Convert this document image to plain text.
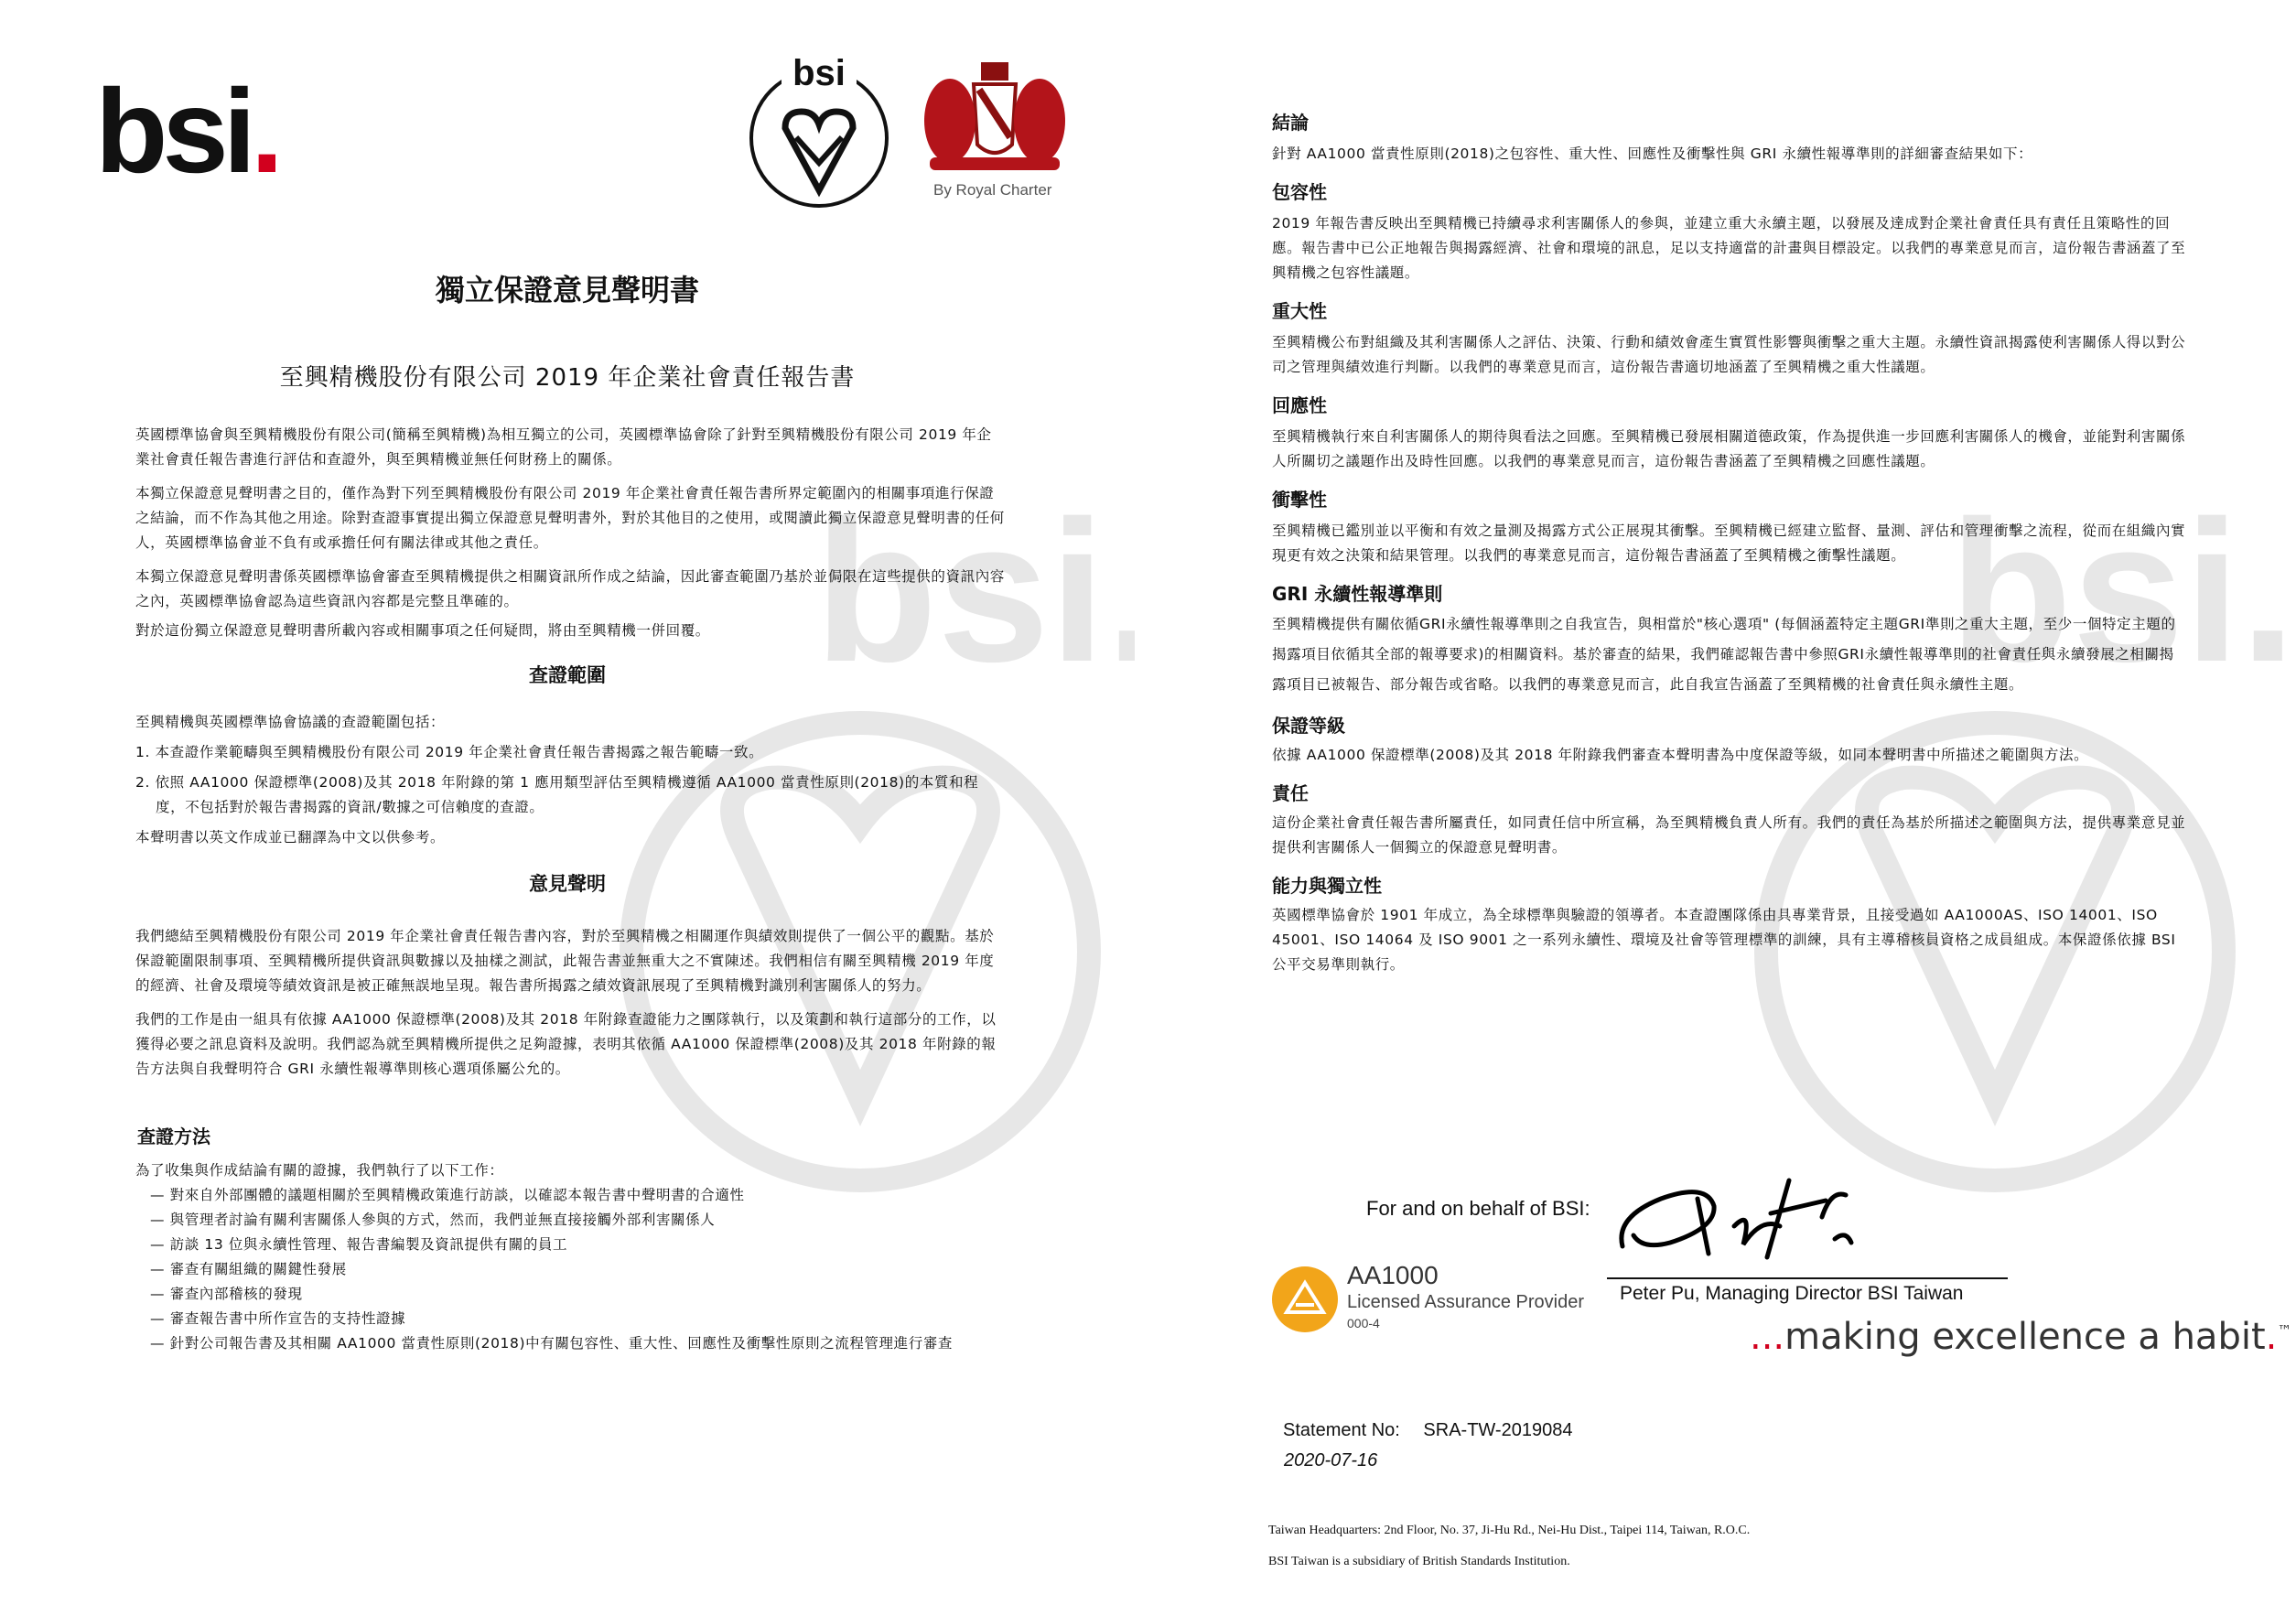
bsi.
bsi.	bsi
By Royal Charter
獨立保證意見聲明書
至興精機股份有限公司 2019 年企業社會責任報告書

英國標準協會與至興精機股份有限公司(簡稱至興精機)為相互獨立的公司，英國標準協會除了針對至興精機股份有限公司 2019 年企業社會責任報告書進行評估和查證外，與至興精機並無任何財務上的關係。

本獨立保證意見聲明書之目的，僅作為對下列至興精機股份有限公司 2019 年企業社會責任報告書所界定範圍內的相關事項進行保證之結論，而不作為其他之用途。除對查證事實提出獨立保證意見聲明書外，對於其他目的之使用，或閱讀此獨立保證意見聲明書的任何人，英國標準協會並不負有或承擔任何有關法律或其他之責任。

本獨立保證意見聲明書係英國標準協會審查至興精機提供之相關資訊所作成之結論，因此審查範圍乃基於並侷限在這些提供的資訊內容之內，英國標準協會認為這些資訊內容都是完整且準確的。

對於這份獨立保證意見聲明書所載內容或相關事項之任何疑問，將由至興精機一併回覆。

查證範圍

至興精機與英國標準協會協議的查證範圍包括：

1. 本查證作業範疇與至興精機股份有限公司 2019 年企業社會責任報告書揭露之報告範疇一致。
2. 依照 AA1000 保證標準(2008)及其 2018 年附錄的第 1 應用類型評估至興精機遵循 AA1000 當責性原則(2018)的本質和程度，不包括對於報告書揭露的資訊/數據之可信賴度的查證。

本聲明書以英文作成並已翻譯為中文以供參考。

意見聲明

我們總結至興精機股份有限公司 2019 年企業社會責任報告書內容，對於至興精機之相關運作與績效則提供了一個公平的觀點。基於保證範圍限制事項、至興精機所提供資訊與數據以及抽樣之測試，此報告書並無重大之不實陳述。我們相信有關至興精機 2019 年度的經濟、社會及環境等績效資訊是被正確無誤地呈現。報告書所揭露之績效資訊展現了至興精機對識別利害關係人的努力。

我們的工作是由一組具有依據 AA1000 保證標準(2008)及其 2018 年附錄查證能力之團隊執行，以及策劃和執行這部分的工作，以獲得必要之訊息資料及說明。我們認為就至興精機所提供之足夠證據，表明其依循 AA1000 保證標準(2008)及其 2018 年附錄的報告方法與自我聲明符合 GRI 永續性報導準則核心選項係屬公允的。

查證方法

為了收集與作成結論有關的證據，我們執行了以下工作：

— 對來自外部團體的議題相關於至興精機政策進行訪談，以確認本報告書中聲明書的合適性
— 與管理者討論有關利害關係人參與的方式，然而，我們並無直接接觸外部利害關係人
— 訪談 13 位與永續性管理、報告書編製及資訊提供有關的員工
— 審查有關組織的關鍵性發展
— 審查內部稽核的發現
— 審查報告書中所作宣告的支持性證據
— 針對公司報告書及其相關 AA1000 當責性原則(2018)中有關包容性、重大性、回應性及衝擊性原則之流程管理進行審查
bsi.

結論

針對 AA1000 當責性原則(2018)之包容性、重大性、回應性及衝擊性與 GRI 永續性報導準則的詳細審查結果如下：

包容性

2019 年報告書反映出至興精機已持續尋求利害關係人的參與，並建立重大永續主題，以發展及達成對企業社會責任具有責任且策略性的回應。報告書中已公正地報告與揭露經濟、社會和環境的訊息，足以支持適當的計畫與目標設定。以我們的專業意見而言，這份報告書涵蓋了至興精機之包容性議題。

重大性

至興精機公布對組織及其利害關係人之評估、決策、行動和績效會產生實質性影響與衝擊之重大主題。永續性資訊揭露使利害關係人得以對公司之管理與績效進行判斷。以我們的專業意見而言，這份報告書適切地涵蓋了至興精機之重大性議題。

回應性

至興精機執行來自利害關係人的期待與看法之回應。至興精機已發展相關道德政策，作為提供進一步回應利害關係人的機會，並能對利害關係人所關切之議題作出及時性回應。以我們的專業意見而言，這份報告書涵蓋了至興精機之回應性議題。

衝擊性

至興精機已鑑別並以平衡和有效之量測及揭露方式公正展現其衝擊。至興精機已經建立監督、量測、評估和管理衝擊之流程，從而在組織內實現更有效之決策和結果管理。以我們的專業意見而言，這份報告書涵蓋了至興精機之衝擊性議題。

GRI 永續性報導準則

至興精機提供有關依循GRI永續性報導準則之自我宣告，與相當於"核心選項" (每個涵蓋特定主題GRI準則之重大主題，至少一個特定主題的揭露項目依循其全部的報導要求)的相關資料。基於審查的結果，我們確認報告書中參照GRI永續性報導準則的社會責任與永續發展之相關揭露項目已被報告、部分報告或省略。以我們的專業意見而言，此自我宣告涵蓋了至興精機的社會責任與永續性主題。

保證等級

依據 AA1000 保證標準(2008)及其 2018 年附錄我們審查本聲明書為中度保證等級，如同本聲明書中所描述之範圍與方法。

責任

這份企業社會責任報告書所屬責任，如同責任信中所宣稱，為至興精機負責人所有。我們的責任為基於所描述之範圍與方法，提供專業意見並提供利害關係人一個獨立的保證意見聲明書。

能力與獨立性

英國標準協會於 1901 年成立，為全球標準與驗證的領導者。本查證團隊係由具專業背景，且接受過如 AA1000AS、ISO 14001、ISO 45001、ISO 14064 及 ISO 9001 之一系列永續性、環境及社會等管理標準的訓練，具有主導稽核員資格之成員組成。本保證係依據 BSI 公平交易準則執行。

For and on behalf of BSI:
Peter Pu, Managing Director BSI Taiwan
AA1000
Licensed Assurance Provider
000-4	...making excellence a habit.™
Statement No: SRA-TW-2019084
2020-07-16
Taiwan Headquarters: 2nd Floor, No. 37, Ji-Hu Rd., Nei-Hu Dist., Taipei 114, Taiwan, R.O.C.
BSI Taiwan is a subsidiary of British Standards Institution.
